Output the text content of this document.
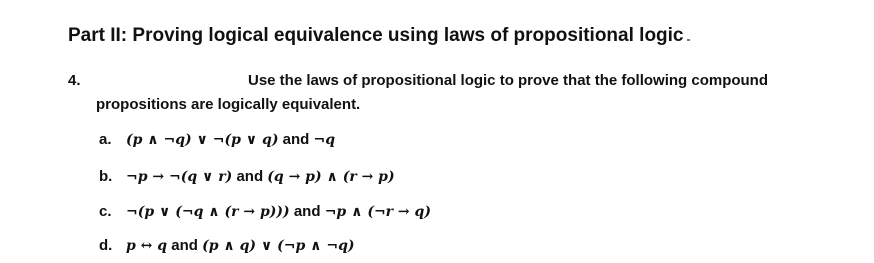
Part II: Proving logical equivalence using laws of propositional logic
4.	Use the laws of propositional logic to prove that the following compound
propositions are logically equivalent.
a. (p ∧ ¬q) ∨ ¬(p ∨ q) and ¬q
b. ¬p → ¬(q ∨ r) and (q → p) ∧ (r → p)
c. ¬(p ∨ (¬q ∧ (r → p))) and ¬p ∧ (¬r → q)
d. p ↔ q and (p ∧ q) ∨ (¬p ∧ ¬q)
